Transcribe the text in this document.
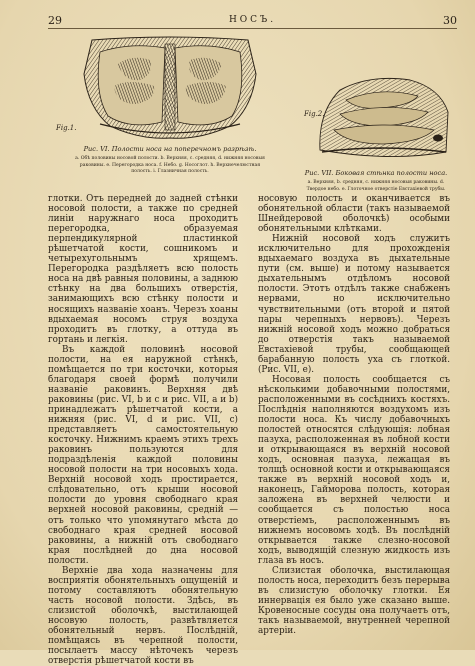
29	НОСЪ.	30
Fig.1.
Рис. VI. Полости носа на поперечномъ разрѣзѣ.
a. Обѣ половины носовой полости. b. Верхняя, c. средняя, d. нижняя носовыя раковины. e. Перегородка носа. f. Небо. g. Носоглот. h. Верхнечелюстная полость. i. Глазничная полость.
Fig.2.
Рис. VII. Боковая стѣнка полости носа.
a. Верхняя, b. средняя, c. нижняя носовыя раковины. d. Твердое небо. e. Глоточное отверстіе Евстахіевой трубы.

глотки. Отъ передней до задней стѣнки носовой полости, а также по средней линіи наружнаго носа проходитъ перегородка, образуемая перпендикулярной пластинкой рѣшетчатой кости, сошникомъ и четырехугольнымъ хрящемъ. Перегородка раздѣляетъ всю полость носа на двѣ равныя половины, а заднюю стѣнку на два большихъ отверстія, занимающихъ всю стѣнку полости и носящихъ названіе хоанъ. Черезъ хоаны вдыхаемая носомъ струя воздуха проходитъ въ глотку, а оттуда въ гортань и легкія.

Въ каждой половинѣ носовой полости, на ея наружной стѣнкѣ, помѣщается по три косточки, которыя благодаря своей формѣ получили названіе раковинъ. Верхняя двѣ раковины (рис. VI, b и c и рис. VII, a и b) принадлежатъ рѣшетчатой кости, а нижняя (рис. VI, d и рис. VII, c) представляетъ самостоятельную косточку. Нижнимъ краемъ этихъ трехъ раковинъ пользуются для подраздѣленія каждой половины носовой полости на три носовыхъ хода. Верхній носовой ходъ простирается, слѣдовательно, отъ крыши носовой полости до уровня свободнаго края верхней носовой раковины, средній — отъ только что упомянутаго мѣста до свободнаго края средней носовой раковины, а нижній отъ свободнаго края послѣдней до дна носовой полости.

Верхніе два хода назначены для восприятія обонятельныхъ ощущеній и потому составляютъ обонятельную часть носовой полости. Здѣсь, въ слизистой оболочкѣ, выстилающей носовую полость, развѣтвляется обонятельный нервъ. Послѣдній, помѣщаясь въ черепной полости, посылаетъ массу нѣточекъ черезъ отверстія рѣшетчатой кости въ

носовую полость и оканчивается въ обонятельной области (такъ называемой Шнейдеровой оболочкѣ) особыми обонятельными клѣтками.

Нижній носовой ходъ служитъ исключительно для прохожденія вдыхаемаго воздуха въ дыхательные пути (см. выше) и потому называется дыхательнымъ отдѣломъ носовой полости. Этотъ отдѣлъ также снабженъ нервами, но исключительно чувствительными (отъ второй и пятой пары черепныхъ нервовъ). Черезъ нижній носовой ходъ можно добраться до отверстія такъ называемой Евстахіевой трубы, сообщающей барабанную полость уха съ глоткой. (Рис. VII, e).

Носовая полость сообщается съ нѣсколькими добавочными полостями, расположенными въ сосѣднихъ костяхъ. Послѣднія наполняются воздухомъ изъ полости носа. Къ числу добавочныхъ полостей относятся слѣдующія: лобная пазуха, расположенная въ лобной кости и открывающаяся въ верхній носовой ходъ, основная пазуха, лежащая въ толщѣ основной кости и открывающаяся также въ верхній носовой ходъ и, наконецъ, Гайморова полость, которая заложена въ верхней челюсти и сообщается съ полостью носа отверстіемъ, расположеннымъ въ нижнемъ носовомъ ходѣ. Въ послѣдній открывается также слезно-носовой ходъ, выводящій слезную жидкость изъ глаза въ носъ.

Слизистая оболочка, выстилающая полость носа, переходитъ безъ перерыва въ слизистую оболочку глотки. Ея иннервація ея было уже сказано выше. Кровеносные сосуды она получаетъ отъ, такъ называемой, внутренней черепной артеріи.
